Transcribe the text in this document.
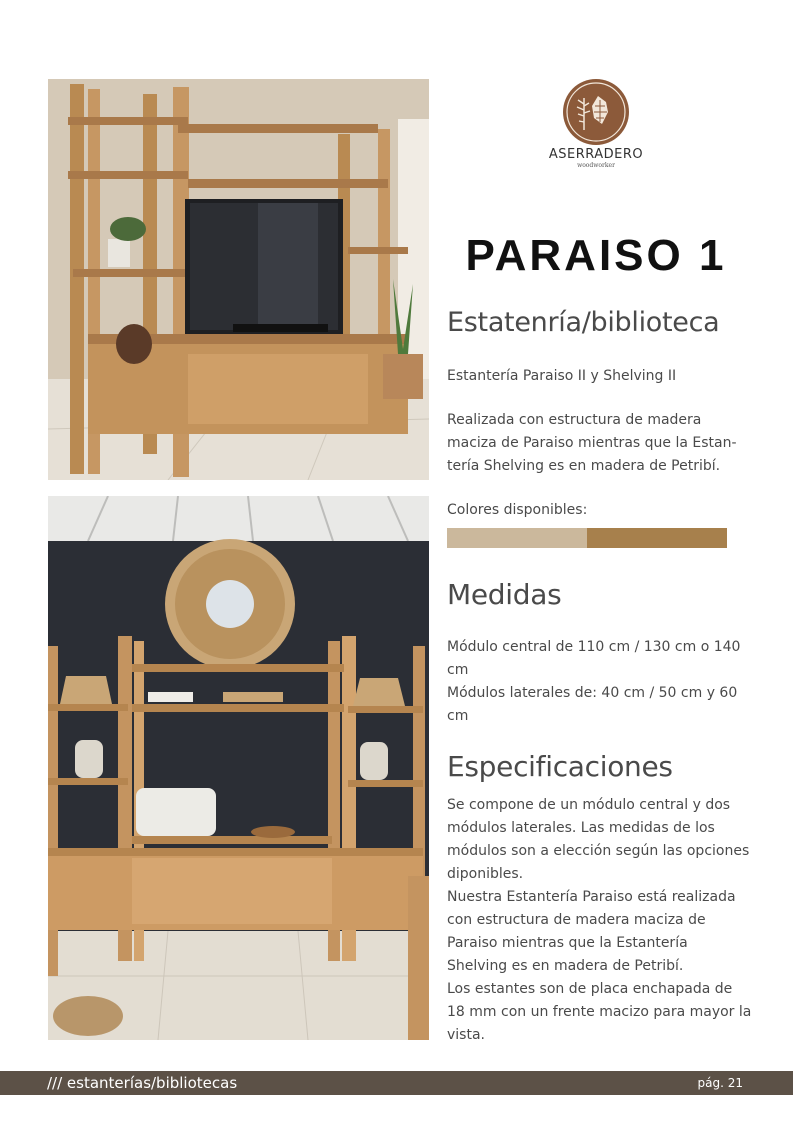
ASERRADERO
woodworker
PARAISO 1
Estatenría/biblioteca
Estantería Paraiso II y Shelving II
Realizada con estructura de madera maciza de Paraiso mientras que la Estan-tería Shelving es en madera de Petribí.
Colores disponibles:
Medidas

Módulo central de 110 cm / 130 cm o 140 cm

Módulos laterales de: 40 cm / 50 cm y 60 cm

Especificaciones

Se compone de un módulo central y dos módulos laterales. Las medidas de los módulos son a elección según las opciones diponibles.

Nuestra Estantería Paraiso está realizada con estructura de madera maciza de Paraiso mientras que la Estantería Shelving es en madera de Petribí.

Los estantes son de placa enchapada de 18 mm con un frente macizo para mayor la vista.

/// estanterías/bibliotecas	pág. 21
